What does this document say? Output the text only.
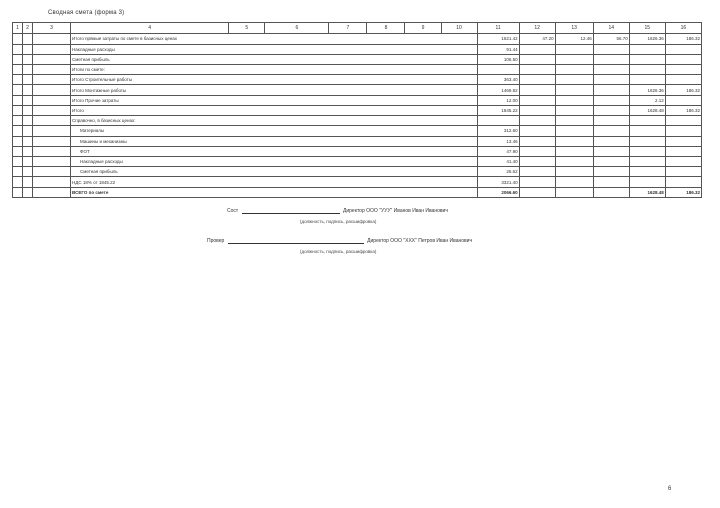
Сводная смета (форма 3)
1	2	3	4	5	6	7	8	9	10	11	12	13	14	15	16
			Итого прямые затраты по смете в базисных ценах							1621.42	47.20	12.46	56.70	1626.36	186.32
			Накладные расходы							91.44					
			Сметная прибыль							106.50					
			Итоги по смете:												
			Итого Строительные работы							363.40					
			Итого Монтажные работы							1469.82				1626.36	186.32
			Итого Прочие затраты							12.00				2.12	
			Итого							1845.22				1628.48	186.32
			Справочно, в базисных ценах:												
			Материалы							312.60					
			Машины и механизмы							13.46					
			ФОТ							47.90					
			Накладные расходы							41.40					
			Сметная прибыль							26.62					
			НДС 18% от 1845.22							3321.40					
			ВСЕГО по смете							2066.60				1628.48	186.32
Сост	Директор ООО "УУУ" Иванов Иван Иванович
(должность, подпись, расшифровка)
Провер	Директор ООО "ХХХ" Петров Иван Иванович
(должность, подпись, расшифровка)
6
